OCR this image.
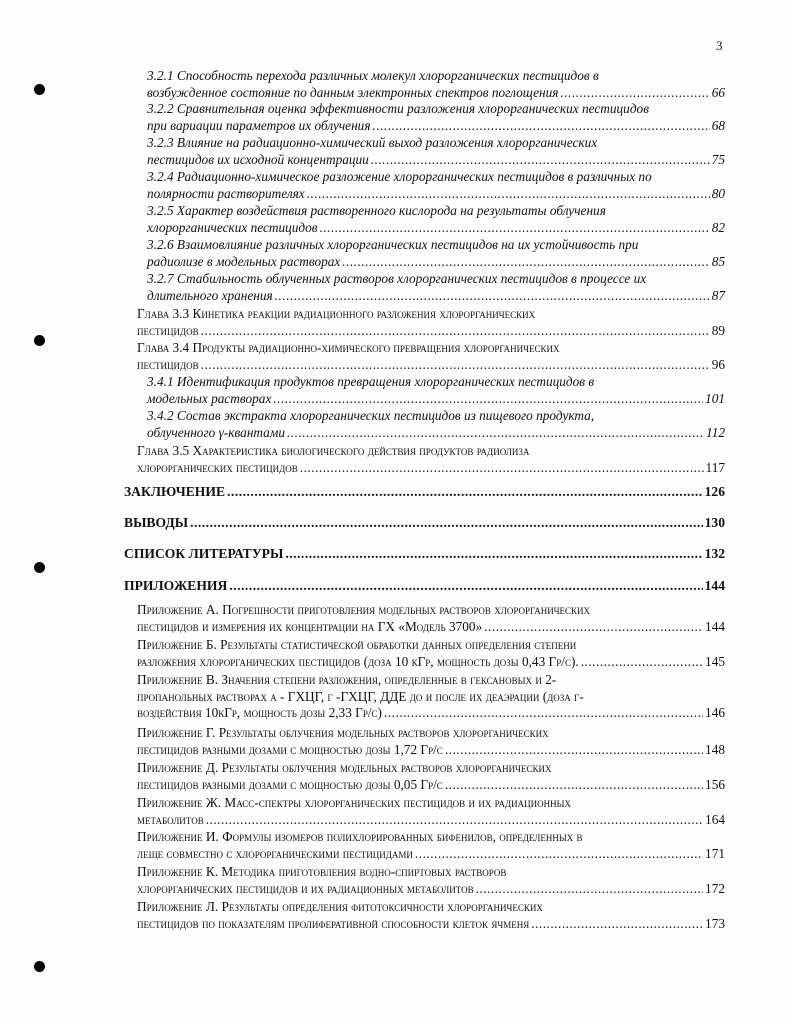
3
3.2.1 Способность перехода различных молекул хлорорганических пестицидов в
возбужденное состояние по данным электронных спектров поглощения .....	66
3.2.2 Сравнительная оценка эффективности разложения хлорорганических пестицидов
при вариации параметров их облучения .....	68
3.2.3 Влияние на радиационно-химический выход разложения хлорорганических
пестицидов их исходной концентрации .....	75
3.2.4 Радиационно-химическое разложение хлорорганических пестицидов в различных по
полярности растворителях .....	80
3.2.5 Характер воздействия растворенного кислорода на результаты облучения
хлорорганических пестицидов .....	82
3.2.6 Взаимовлияние различных хлорорганических пестицидов на их устойчивость при
радиолизе в модельных растворах .....	85
3.2.7 Стабильность облученных растворов хлорорганических пестицидов в процессе их
длительного хранения .....	87
Глава 3.3 Кинетика реакции радиационного разложения хлорорганических
пестицидов .....	89
Глава 3.4 Продукты радиационно-химического превращения хлорорганических
пестицидов .....	96
3.4.1 Идентификация продуктов превращения хлорорганических пестицидов в
модельных растворах .....	101
3.4.2 Состав экстракта хлорорганических пестицидов из пищевого продукта,
облученного γ-квантами .....	112
Глава 3.5 Характеристика биологического действия продуктов радиолиза
хлорорганических пестицидов .....	117
ЗАКЛЮЧЕНИЕ .....	126
ВЫВОДЫ .....	130
СПИСОК ЛИТЕРАТУРЫ .....	132
ПРИЛОЖЕНИЯ .....	144
Приложение А. Погрешности приготовления модельных растворов хлорорганических
пестицидов и измерения их концентрации на ГХ «Модель 3700» .....	144
Приложение Б. Результаты статистической обработки данных определения степени
разложения хлорорганических пестицидов (доза 10 кГр, мощность дозы 0,43 Гр/с). .....	145
Приложение В. Значения степени разложения, определенные в гексановых и 2-
пропанольных растворах α - ГХЦГ, γ -ГХЦГ, ДДЕ до и после их деаэрации (доза γ-
воздействия 10кГр, мощность дозы 2,33 Гр/с) .....	146
Приложение Г. Результаты облучения модельных растворов хлорорганических
пестицидов разными дозами с мощностью дозы 1,72 Гр/с .....	148
Приложение Д. Результаты облучения модельных растворов хлорорганических
пестицидов разными дозами с мощностью дозы 0,05 Гр/с .....	156
Приложение Ж. Масс-спектры хлорорганических пестицидов и их радиационных
метаболитов .....	164
Приложение И. Формулы изомеров полихлорированных бифенилов, определенных в
леще совместно с хлорорганическими пестицидами .....	171
Приложение К. Методика приготовления водно-спиртовых растворов
хлорорганических пестицидов и их радиационных метаболитов .....	172
Приложение Л. Результаты определения фитотоксичности хлорорганических
пестицидов по показателям пролиферативной способности клеток ячменя .....	173
